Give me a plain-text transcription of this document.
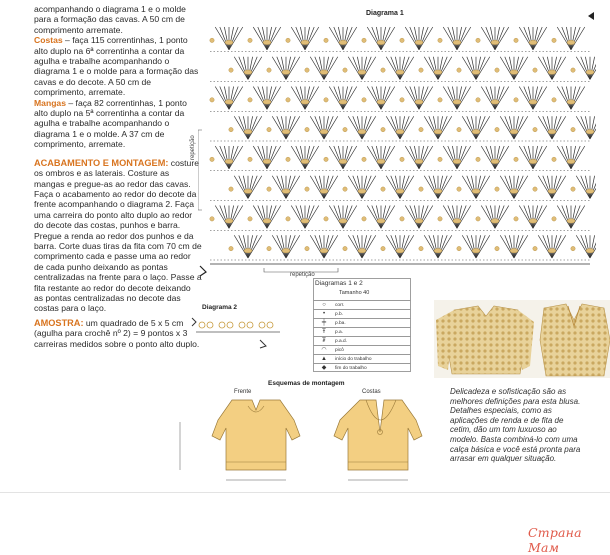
acompanhando o diagrama 1 e o molde para a formação das cavas. A 50 cm de comprimento arremate.

Costas – faça 115 correntinhas, 1 ponto alto duplo na 6ª correntinha a contar da agulha e trabalhe acompanhando o diagrama 1 e o molde para a formação das cavas e do decote. A 50 cm de comprimento, arremate.

Mangas – faça 82 correntinhas, 1 ponto alto duplo na 5ª correntinha a contar da agulha e trabalhe acompanhando o diagrama 1 e o molde. A 37 cm de comprimento, arremate.

ACABAMENTO E MONTAGEM: costure os ombros e as laterais. Costure as mangas e pregue-as ao redor das cavas. Faça o acabamento ao redor do decote da frente acompanhando o diagrama 2. Faça uma carreira do ponto alto duplo ao redor do decote das costas, punhos e barra. Pregue a renda ao redor dos punhos e da barra. Corte duas tiras da fita com 70 cm de comprimento cada e passe uma ao redor de cada punho deixando as pontas centralizadas na frente para o laço. Passe a fita restante ao redor do decote deixando as pontas centralizadas no decote das costas para o laço.

AMOSTRA: um quadrado de 5 x 5 cm (agulha para crochê nº 2) = 9 pontos x 3 carreiras medidos sobre o ponto alto duplo.

Diagrama 1
repetição
repetição
Diagramas 1 e 2
Tamanho 40
○	corr.
•	p.b.
╪	p.ba.
Ŧ	p.a.
₮	p.a.d.
◠	picô
▲	início do trabalho
◆	fim do trabalho
Diagrama 2
Esquemas de montagem
Frente	Costas	Delicadeza e sofisticação são as melhores definições para esta blusa. Detalhes especiais, como as aplicações de renda e de fita de cetim, dão um tom luxuoso ao modelo. Basta combiná-lo com uma calça básica e você está pronta para arrasar em qualquer situação.
Страна Мам
